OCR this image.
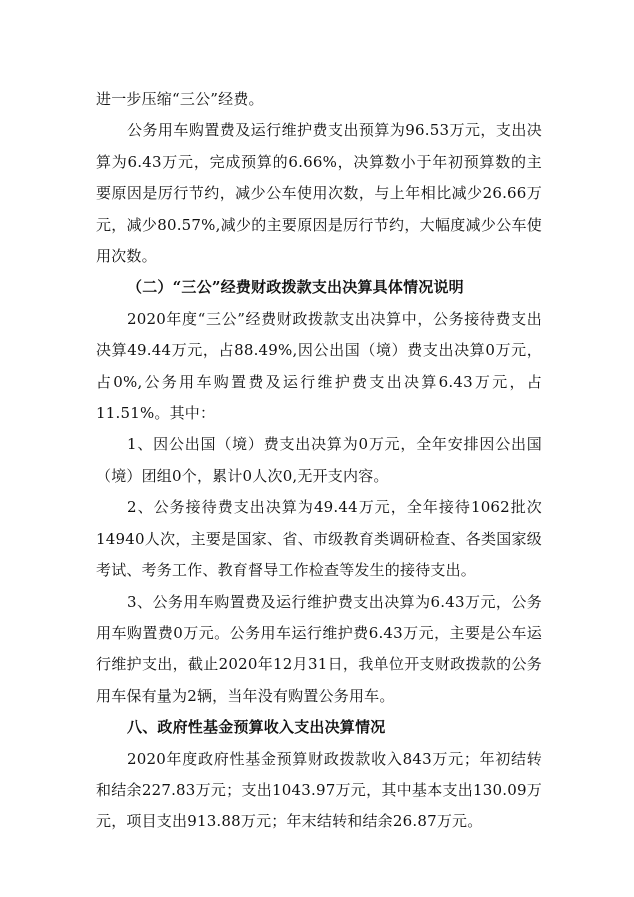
进一步压缩“三公”经费。

公务用车购置费及运行维护费支出预算为96.53万元，支出决算为6.43万元，完成预算的6.66%，决算数小于年初预算数的主要原因是厉行节约，减少公车使用次数，与上年相比减少26.66万元，减少80.57%,减少的主要原因是厉行节约，大幅度减少公车使用次数。

（二）“三公”经费财政拨款支出决算具体情况说明

2020年度“三公”经费财政拨款支出决算中，公务接待费支出决算49.44万元，占88.49%,因公出国（境）费支出决算0万元，占0%,公务用车购置费及运行维护费支出决算6.43万元，占11.51%。其中：

1、因公出国（境）费支出决算为0万元，全年安排因公出国（境）团组0个，累计0人次0,无开支内容。

2、公务接待费支出决算为49.44万元，全年接待1062批次14940人次，主要是国家、省、市级教育类调研检查、各类国家级考试、考务工作、教育督导工作检查等发生的接待支出。

3、公务用车购置费及运行维护费支出决算为6.43万元，公务用车购置费0万元。公务用车运行维护费6.43万元，主要是公车运行维护支出，截止2020年12月31日，我单位开支财政拨款的公务用车保有量为2辆，当年没有购置公务用车。

八、政府性基金预算收入支出决算情况

2020年度政府性基金预算财政拨款收入843万元；年初结转和结余227.83万元；支出1043.97万元，其中基本支出130.09万元，项目支出913.88万元；年末结转和结余26.87万元。
